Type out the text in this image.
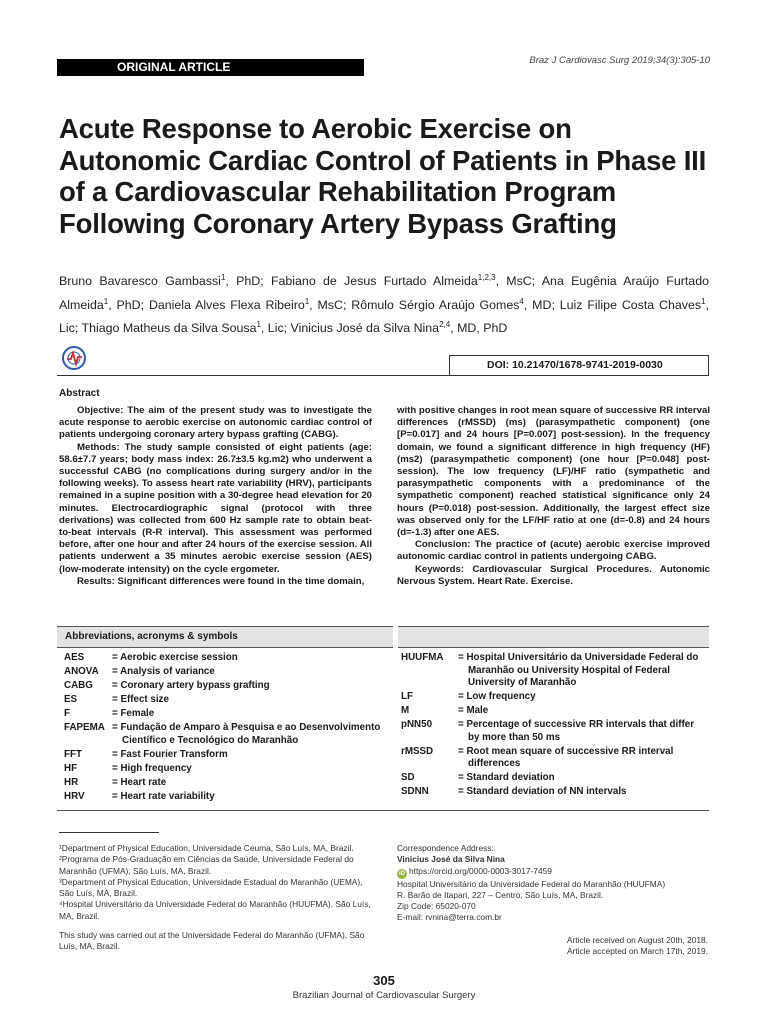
ORIGINAL ARTICLE	Braz J Cardiovasc Surg 2019;34(3):305-10
Acute Response to Aerobic Exercise on Autonomic Cardiac Control of Patients in Phase III of a Cardiovascular Rehabilitation Program Following Coronary Artery Bypass Grafting
Bruno Bavaresco Gambassi$^1$, PhD; Fabiano de Jesus Furtado Almeida$^{1,2,3}$, MsC; Ana Eugênia Araújo Furtado Almeida$^1$, PhD; Daniela Alves Flexa Ribeiro$^1$, MsC; Rômulo Sérgio Araújo Gomes$^4$, MD; Luiz Filipe Costa Chaves$^1$, Lic; Thiago Matheus da Silva Sousa$^1$, Lic; Vinicius José da Silva Nina$^{2,4}$, MD, PhD
DOI: 10.21470/1678-9741-2019-0030
Abstract

Objective: The aim of the present study was to investigate the acute response to aerobic exercise on autonomic cardiac control of patients undergoing coronary artery bypass grafting (CABG).

Methods: The study sample consisted of eight patients (age: 58.6±7.7 years; body mass index: 26.7±3.5 kg.m2) who underwent a successful CABG (no complications during surgery and/or in the following weeks). To assess heart rate variability (HRV), participants remained in a supine position with a 30-degree head elevation for 20 minutes. Electrocardiographic signal (protocol with three derivations) was collected from 600 Hz sample rate to obtain beat-to-beat intervals (R-R interval). This assessment was performed before, after one hour and after 24 hours of the exercise session. All patients underwent a 35 minutes aerobic exercise session (AES) (low-moderate intensity) on the cycle ergometer.

Results: Significant differences were found in the time domain,

with positive changes in root mean square of successive RR interval differences (rMSSD) (ms) (parasympathetic component) (one [P=0.017] and 24 hours [P=0.007] post-session). In the frequency domain, we found a significant difference in high frequency (HF) (ms2) (parasympathetic component) (one hour [P=0.048] post-session). The low frequency (LF)/HF ratio (sympathetic and parasympathetic components with a predominance of the sympathetic component) reached statistical significance only 24 hours (P=0.018) post-session. Additionally, the largest effect size was observed only for the LF/HF ratio at one (d=-0.8) and 24 hours (d=-1.3) after one AES.

Conclusion: The practice of (acute) aerobic exercise improved autonomic cardiac control in patients undergoing CABG.

Keywords: Cardiovascular Surgical Procedures. Autonomic Nervous System. Heart Rate. Exercise.

Abbreviations, acronyms & symbols
AES	= Aerobic exercise session
ANOVA	= Analysis of variance
CABG	= Coronary artery bypass grafting
ES	= Effect size
F	= Female
FAPEMA = Fundação de Amparo à Pesquisa e ao Desenvolvimento Científico e Tecnológico do Maranhão
FFT	= Fast Fourier Transform
HF	= High frequency
HR	= Heart rate
HRV	= Heart rate variability
HUUFMA	= Hospital Universitário da Universidade Federal do Maranhão ou University Hospital of Federal University of Maranhão
LF	= Low frequency
M	= Male
pNN50	= Percentage of successive RR intervals that differ by more than 50 ms
rMSSD	= Root mean square of successive RR interval differences
SD	= Standard deviation
SDNN	= Standard deviation of NN intervals

¹Department of Physical Education, Universidade Ceuma, São Luís, MA, Brazil.

²Programa de Pós-Graduação em Ciências da Saúde, Universidade Federal do Maranhão (UFMA), São Luís, MA, Brazil.

³Department of Physical Education, Universidade Estadual do Maranhão (UEMA), São Luís, MA, Brazil.

⁴Hospital Universitário da Universidade Federal do Maranhão (HUUFMA), São Luís, MA, Brazil.

This study was carried out at the Universidade Federal do Maranhão (UFMA), São Luís, MA, Brazil.

Correspondence Address:

Vinicius José da Silva Nina

iD https://orcid.org/0000-0003-3017-7459

Hospital Universitário da Universidade Federal do Maranhão (HUUFMA)

R. Barão de Itapari, 227 – Centro, São Luís, MA, Brazil.

Zip Code: 65020-070

E-mail: rvnina@terra.com.br

Article received on August 20th, 2018.

Article accepted on March 17th, 2019.

305
Brazilian Journal of Cardiovascular Surgery
